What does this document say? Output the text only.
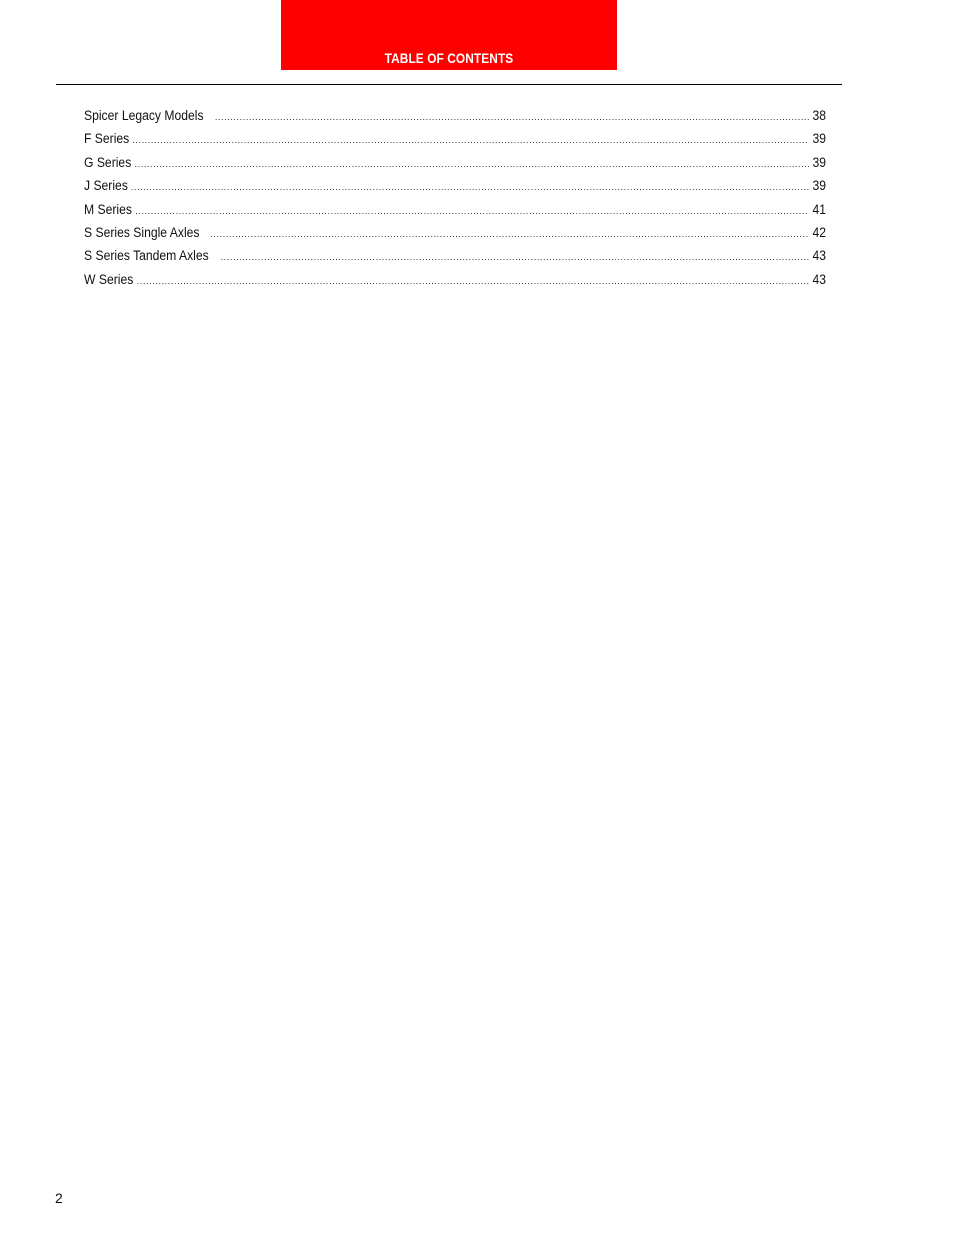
TABLE OF CONTENTS
Spicer Legacy Models .....	38
F Series .....	39
G Series .....	39
J Series .....	39
M Series .....	41
S Series Single Axles .....	42
S Series Tandem Axles .....	43
W Series .....	43
2
